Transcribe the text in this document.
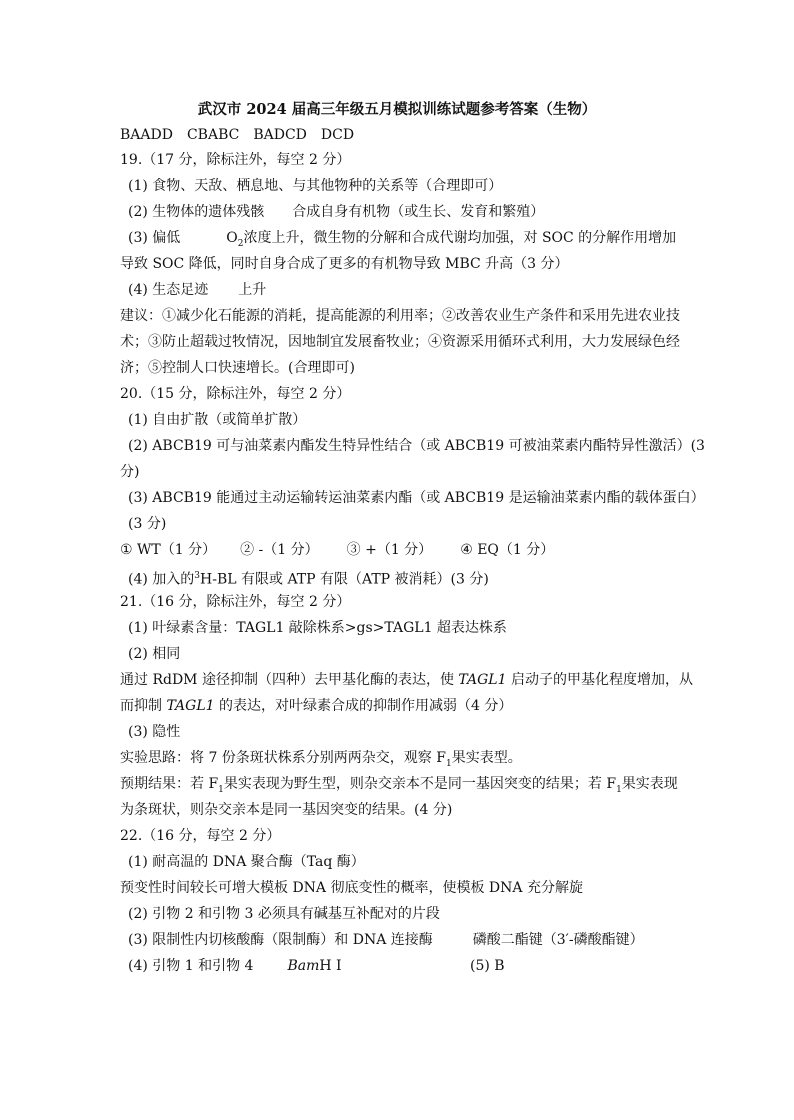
武汉市 2024 届高三年级五月模拟训练试题参考答案（生物）
BAADD　CBABC　BADCD　DCD
19.（17 分，除标注外，每空 2 分）
(1) 食物、天敌、栖息地、与其他物种的关系等（合理即可）
(2) 生物体的遗体残骸 合成自身有机物（或生长、发育和繁殖）
(3) 偏低	$O_2$浓度上升，微生物的分解和合成代谢均加强，对 SOC 的分解作用增加
导致 SOC 降低，同时自身合成了更多的有机物导致 MBC 升高（3 分）
(4) 生态足迹 上升
建议：①减少化石能源的消耗，提高能源的利用率；②改善农业生产条件和采用先进农业技
术；③防止超载过牧情况，因地制宜发展畜牧业；④资源采用循环式利用，大力发展绿色经
济；⑤控制人口快速增长。(合理即可)
20.（15 分，除标注外，每空 2 分）
(1) 自由扩散（或简单扩散）
(2) ABCB19 可与油菜素内酯发生特异性结合（或 ABCB19 可被油菜素内酯特异性激活）(3
分)
(3) ABCB19 能通过主动运输转运油菜素内酯（或 ABCB19 是运输油菜素内酯的载体蛋白）
(3 分)
① WT（1 分） ② -（1 分） ③ +（1 分） ④ EQ（1 分）
(4) 加入的$^3$H-BL 有限或 ATP 有限（ATP 被消耗）(3 分)
21.（16 分，除标注外，每空 2 分）
(1) 叶绿素含量：TAGL1 敲除株系>gs>TAGL1 超表达株系
(2) 相同
通过 RdDM 途径抑制（四种）去甲基化酶的表达，使 TAGL1 启动子的甲基化程度增加，从
而抑制 TAGL1 的表达，对叶绿素合成的抑制作用减弱（4 分）
(3) 隐性
实验思路：将 7 份条斑状株系分别两两杂交，观察 $F_1$果实表型。
预期结果：若 $F_1$果实表现为野生型，则杂交亲本不是同一基因突变的结果；若 $F_1$果实表现
为条斑状，则杂交亲本是同一基因突变的结果。(4 分)
22.（16 分，每空 2 分）
(1) 耐高温的 DNA 聚合酶（Taq 酶）
预变性时间较长可增大模板 DNA 彻底变性的概率，使模板 DNA 充分解旋
(2) 引物 2 和引物 3 必须具有碱基互补配对的片段
(3) 限制性内切核酸酶（限制酶）和 DNA 连接酶	磷酸二酯键（3′-磷酸酯键）
(4) 引物 1 和引物 4 BamH I	(5) B
